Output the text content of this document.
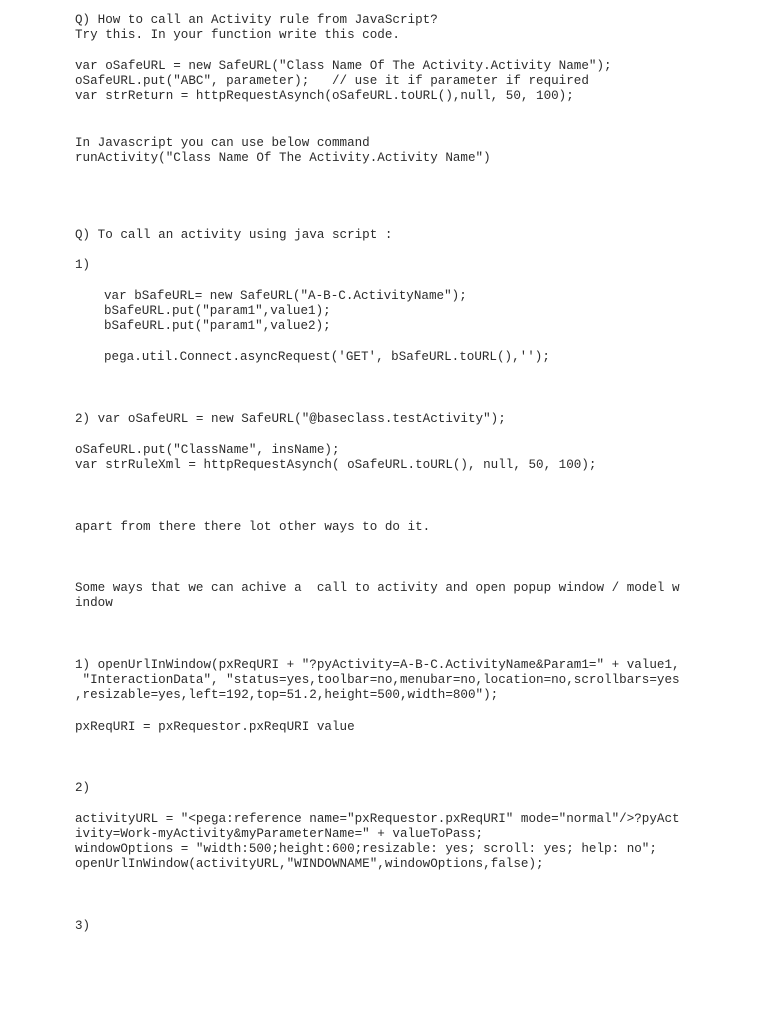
Q) How to call an Activity rule from JavaScript?
Try this. In your function write this code.
var oSafeURL = new SafeURL("Class Name Of The Activity.Activity Name");
oSafeURL.put("ABC", parameter);   // use it if parameter if required
var strReturn = httpRequestAsynch(oSafeURL.toURL(),null, 50, 100);
In Javascript you can use below command
runActivity("Class Name Of The Activity.Activity Name")
Q) To call an activity using java script :
1)
var bSafeURL= new SafeURL("A-B-C.ActivityName");
bSafeURL.put("param1",value1);
bSafeURL.put("param1",value2);
pega.util.Connect.asyncRequest('GET', bSafeURL.toURL(),'');
2) var oSafeURL = new SafeURL("@baseclass.testActivity");
oSafeURL.put("ClassName", insName);
var strRuleXml = httpRequestAsynch( oSafeURL.toURL(), null, 50, 100);
apart from there there lot other ways to do it.
Some ways that we can achive a  call to activity and open popup window / model w
indow
1) openUrlInWindow(pxReqURI + "?pyActivity=A-B-C.ActivityName&Param1=" + value1,
"InteractionData", "status=yes,toolbar=no,menubar=no,location=no,scrollbars=yes
,resizable=yes,left=192,top=51.2,height=500,width=800");
pxReqURI = pxRequestor.pxReqURI value
2)
activityURL = "<pega:reference name="pxRequestor.pxReqURI" mode="normal"/>?pyAct
ivity=Work-myActivity&myParameterName=" + valueToPass;
windowOptions = "width:500;height:600;resizable: yes; scroll: yes; help: no";
openUrlInWindow(activityURL,"WINDOWNAME",windowOptions,false);
3)
